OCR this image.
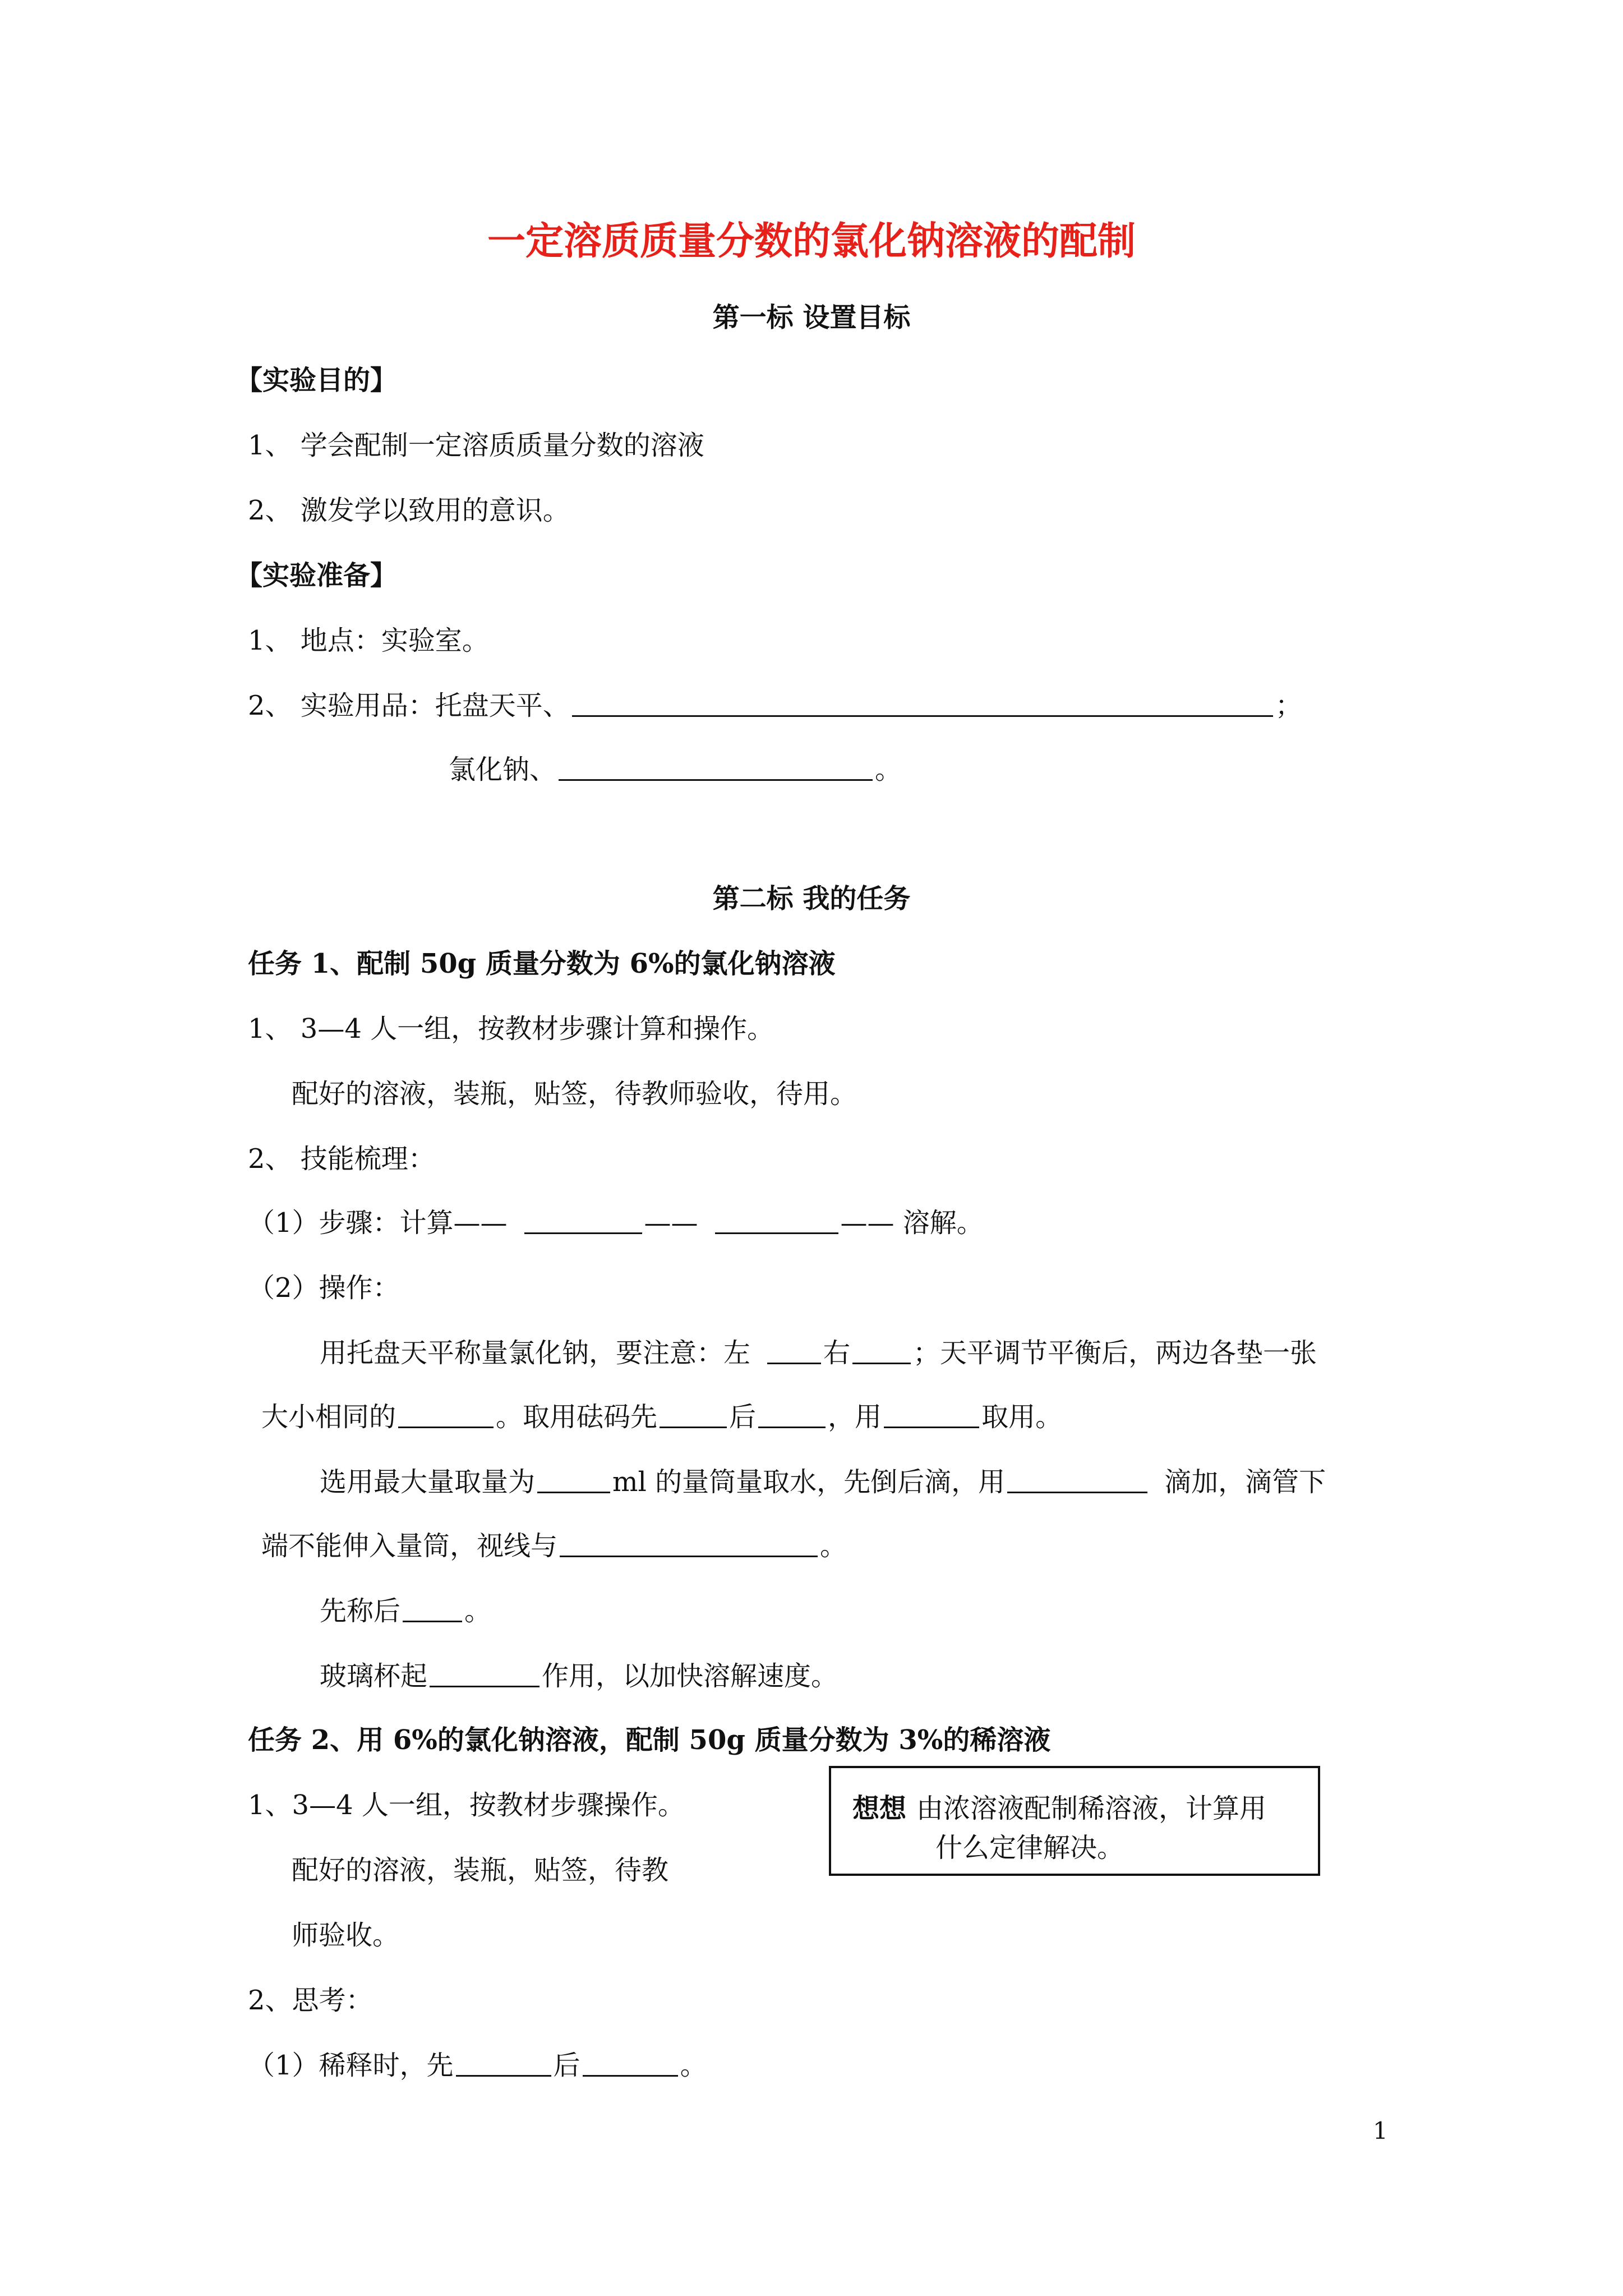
一定溶质质量分数的氯化钠溶液的配制
第一标 设置目标
【实验目的】
1、 学会配制一定溶质质量分数的溶液
2、 激发学以致用的意识。
【实验准备】
1、 地点：实验室。
2、 实验用品：托盘天平、	；
氯化钠、	。
第二标 我的任务
任务 1、配制 50g 质量分数为 6%的氯化钠溶液
1、 3—4 人一组，按教材步骤计算和操作。
配好的溶液，装瓶，贴签，待教师验收，待用。
2、 技能梳理：
（1）步骤：计算——	——	—— 溶解。
（2）操作：
用托盘天平称量氯化钠，要注意：左	右 ；天平调节平衡后，两边各垫一张
大小相同的	。取用砝码先	后	，用	取用。
选用最大量取量为	ml 的量筒量取水，先倒后滴，用	滴加，滴管下
端不能伸入量筒，视线与	。
先称后 。
玻璃杯起	作用，以加快溶解速度。
任务 2、用 6%的氯化钠溶液，配制 50g 质量分数为 3%的稀溶液
1、3—4 人一组，按教材步骤操作。
配好的溶液，装瓶，贴签，待教
师验收。
想想 由浓溶液配制稀溶液，计算用
什么定律解决。
2、思考：
（1）稀释时，先	后	。
1
